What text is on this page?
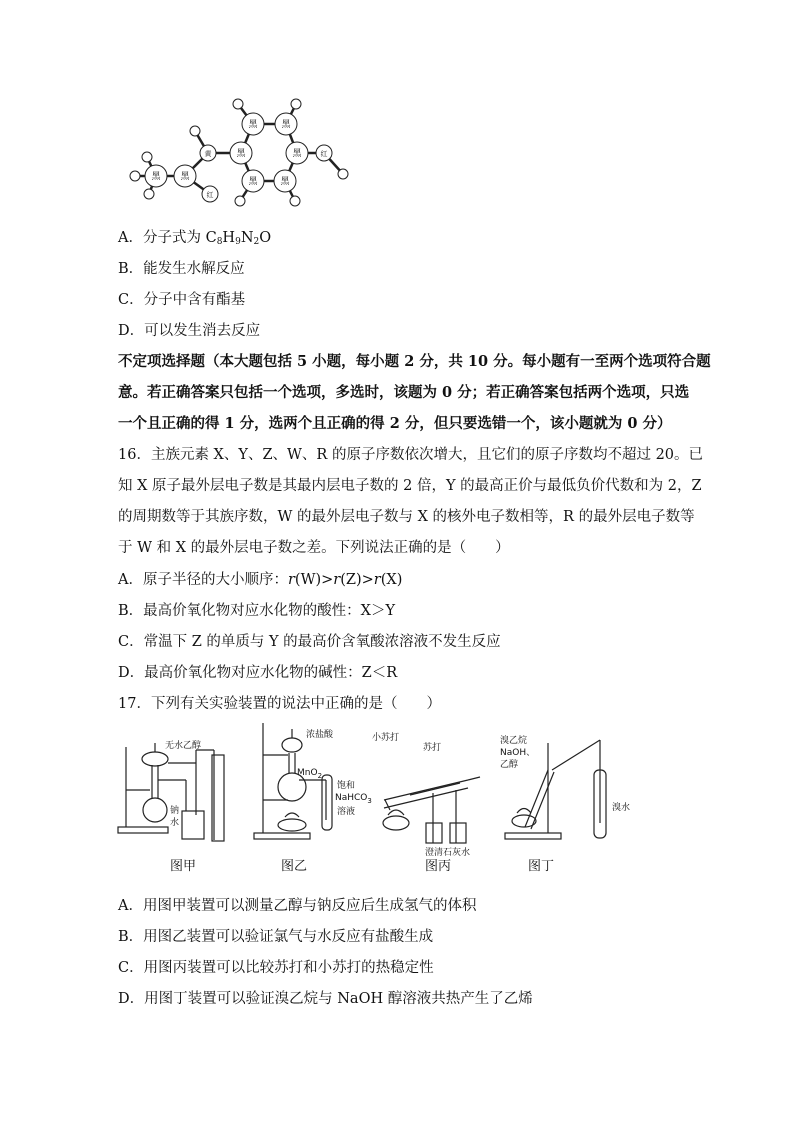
黑
黑	黑
黑
黑
黑
黑 黑
黄
红
红
A．分子式为 $C_8H_9N_2O$
B．能发生水解反应
C．分子中含有酯基
D．可以发生消去反应
不定项选择题（本大题包括 5 小题，每小题 2 分，共 10 分。每小题有一至两个选项符合题
意。若正确答案只包括一个选项，多选时，该题为 0 分；若正确答案包括两个选项，只选
一个且正确的得 1 分，选两个且正确的得 2 分，但只要选错一个，该小题就为 0 分）
16．主族元素 X、Y、Z、W、R 的原子序数依次增大，且它们的原子序数均不超过 20。已
知 X 原子最外层电子数是其最内层电子数的 2 倍，Y 的最高正价与最低负价代数和为 2，Z
的周期数等于其族序数，W 的最外层电子数与 X 的核外电子数相等，R 的最外层电子数等
于 W 和 X 的最外层电子数之差。下列说法正确的是（　　）
A．原子半径的大小顺序：r(W)>r(Z)>r(X)
B．最高价氧化物对应水化物的酸性：X＞Y
C．常温下 Z 的单质与 Y 的最高价含氧酸浓溶液不发生反应
D．最高价氧化物对应水化物的碱性：Z＜R
17．下列有关实验装置的说法中正确的是（　　）
无水乙醇
钠
水
浓盐酸
MnO$_2$
饱和
NaHCO$_3$
溶液
小苏打
苏打
澄清石灰水
溴乙烷
NaOH、
乙醇
溴水
图甲	图乙	图丙	图丁
A．用图甲装置可以测量乙醇与钠反应后生成氢气的体积
B．用图乙装置可以验证氯气与水反应有盐酸生成
C．用图丙装置可以比较苏打和小苏打的热稳定性
D．用图丁装置可以验证溴乙烷与 NaOH 醇溶液共热产生了乙烯
